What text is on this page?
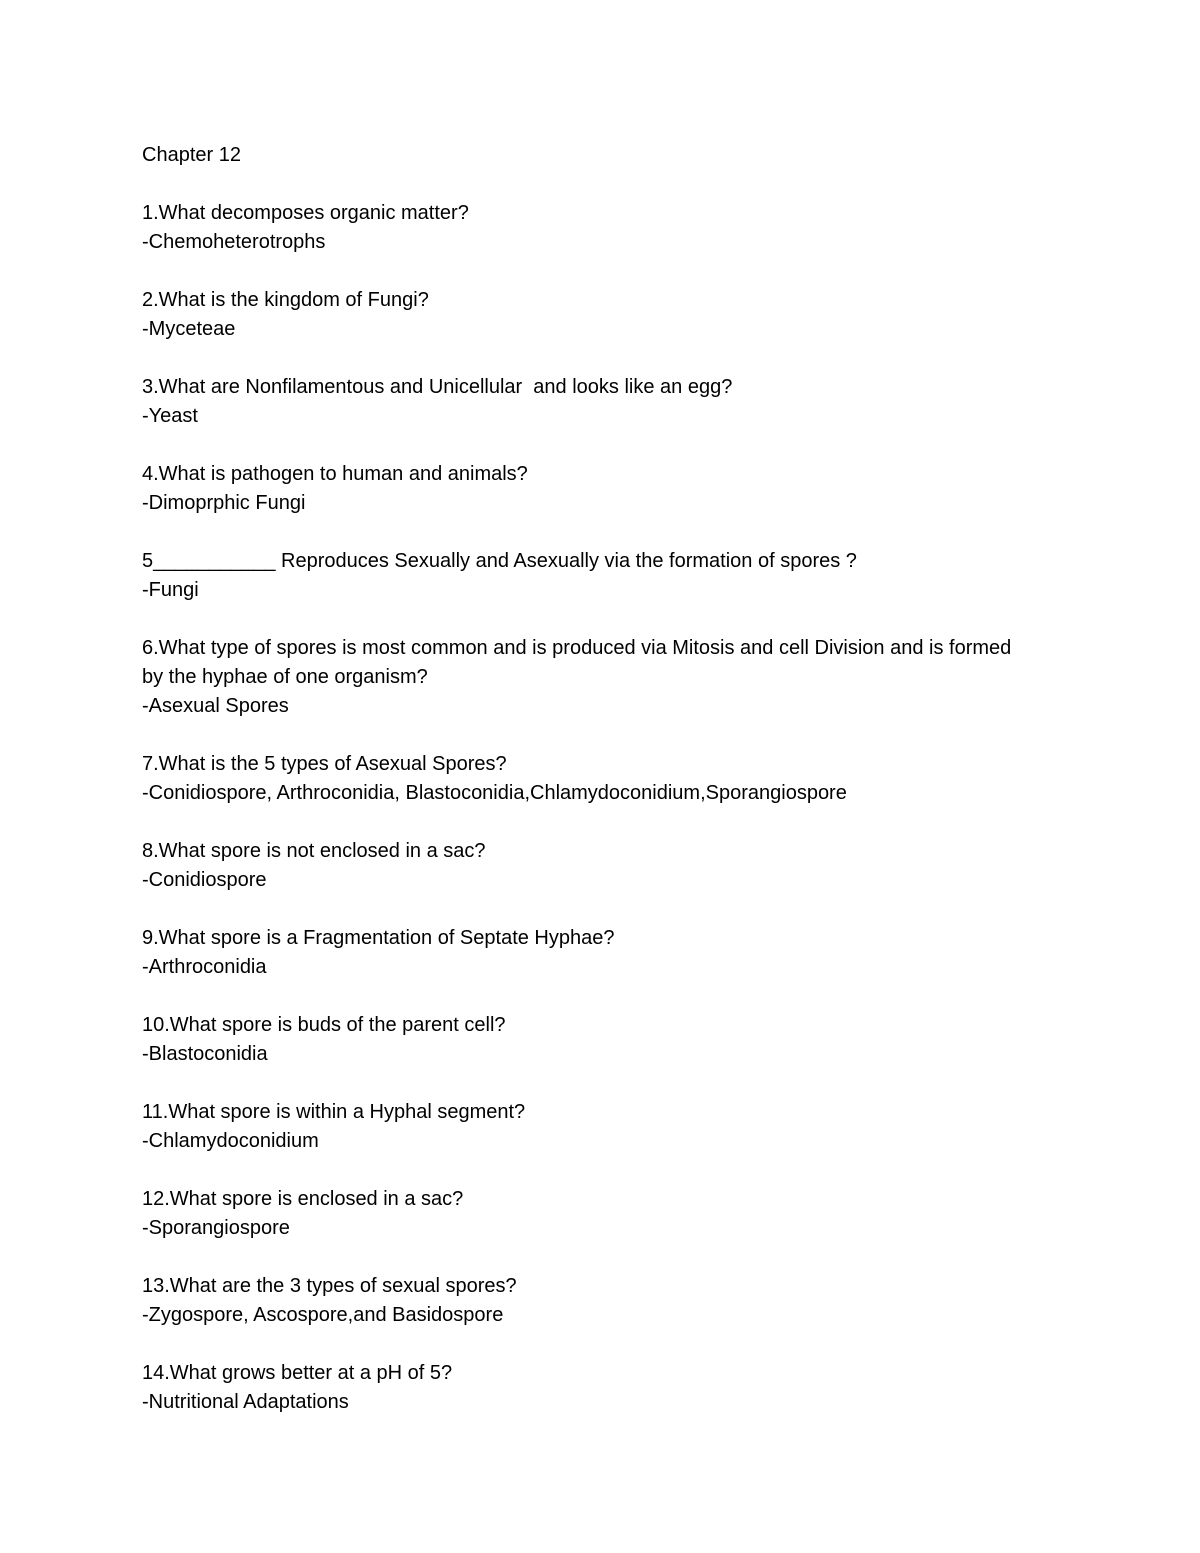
Chapter 12
1.What decomposes organic matter?
-Chemoheterotrophs
2.What is the kingdom of Fungi?
-Myceteae
3.What are Nonfilamentous and Unicellular  and looks like an egg?
-Yeast
4.What is pathogen to human and animals?
-Dimoprphic Fungi
5___________ Reproduces Sexually and Asexually via the formation of spores ?
-Fungi
6.What type of spores is most common and is produced via Mitosis and cell Division and is formed by the hyphae of one organism?
-Asexual Spores
7.What is the 5 types of Asexual Spores?
-Conidiospore, Arthroconidia, Blastoconidia,Chlamydoconidium,Sporangiospore
8.What spore is not enclosed in a sac?
-Conidiospore
9.What spore is a Fragmentation of Septate Hyphae?
-Arthroconidia
10.What spore is buds of the parent cell?
-Blastoconidia
11.What spore is within a Hyphal segment?
-Chlamydoconidium
12.What spore is enclosed in a sac?
-Sporangiospore
13.What are the 3 types of sexual spores?
-Zygospore, Ascospore,and Basidospore
14.What grows better at a pH of 5?
-Nutritional Adaptations
